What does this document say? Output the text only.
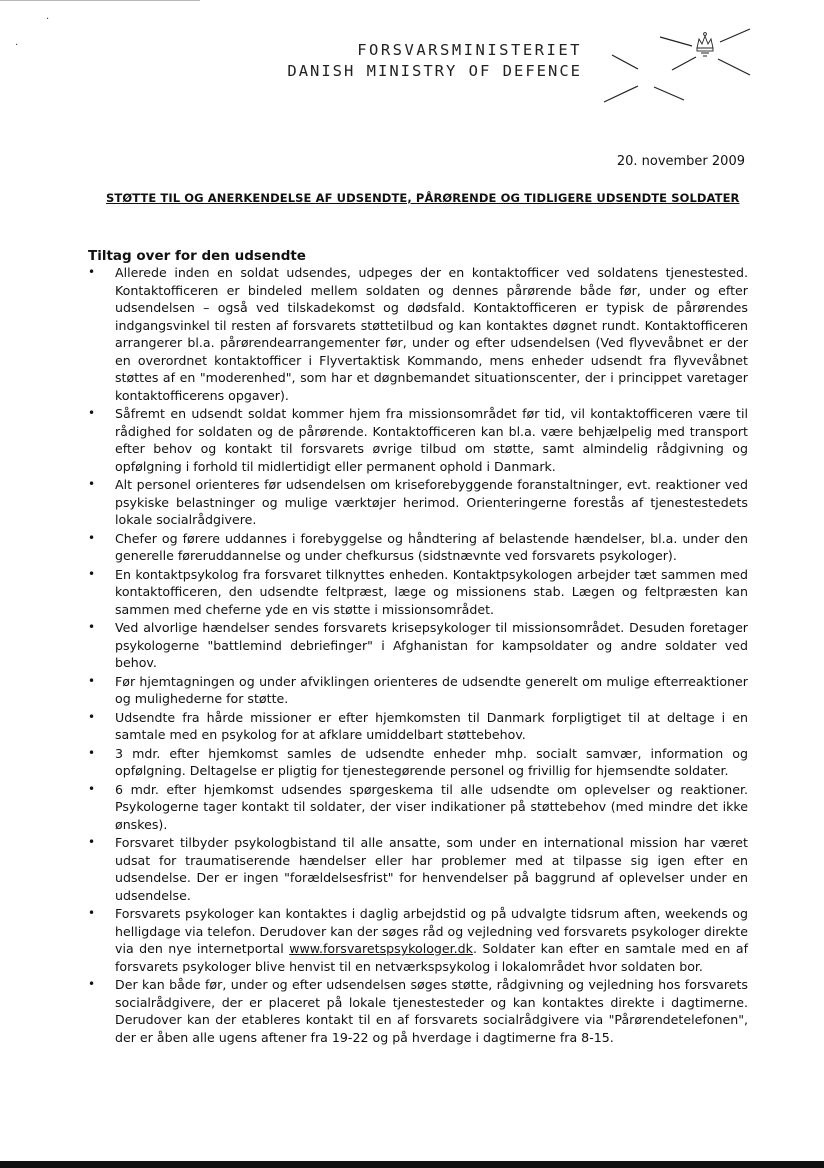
·
·	FORSVARSMINISTERIET
DANISH MINISTRY OF DEFENCE
20. november 2009
STØTTE TIL OG ANERKENDELSE AF UDSENDTE, PÅRØRENDE OG TIDLIGERE UDSENDTE SOLDATER
Tiltag over for den udsendte
• Allerede inden en soldat udsendes, udpeges der en kontaktofficer ved soldatens tjenestested. Kontaktofficeren er bindeled mellem soldaten og dennes pårørende både før, under og efter udsendelsen – også ved tilskadekomst og dødsfald. Kontaktofficeren er typisk de pårørendes indgangsvinkel til resten af forsvarets støttetilbud og kan kontaktes døgnet rundt. Kontaktofficeren arrangerer bl.a. pårørendearrangementer før, under og efter udsendelsen (Ved flyvevåbnet er der en overordnet kontaktofficer i Flyvertaktisk Kommando, mens enheder udsendt fra flyvevåbnet støttes af en "moderenhed", som har et døgnbemandet situationscenter, der i princippet varetager kontaktofficerens opgaver).
• Såfremt en udsendt soldat kommer hjem fra missionsområdet før tid, vil kontaktofficeren være til rådighed for soldaten og de pårørende. Kontaktofficeren kan bl.a. være behjælpelig med transport efter behov og kontakt til forsvarets øvrige tilbud om støtte, samt almindelig rådgivning og opfølgning i forhold til midlertidigt eller permanent ophold i Danmark.
• Alt personel orienteres før udsendelsen om kriseforebyggende foranstaltninger, evt. reaktioner ved psykiske belastninger og mulige værktøjer herimod. Orienteringerne forestås af tjenestestedets lokale socialrådgivere.
• Chefer og førere uddannes i forebyggelse og håndtering af belastende hændelser, bl.a. under den generelle føreruddannelse og under chefkursus (sidstnævnte ved forsvarets psykologer).
• En kontaktpsykolog fra forsvaret tilknyttes enheden. Kontaktpsykologen arbejder tæt sammen med kontaktofficeren, den udsendte feltpræst, læge og missionens stab. Lægen og feltpræsten kan sammen med cheferne yde en vis støtte i missionsområdet.
• Ved alvorlige hændelser sendes forsvarets krisepsykologer til missionsområdet. Desuden foretager psykologerne "battlemind debriefinger" i Afghanistan for kampsoldater og andre soldater ved behov.
• Før hjemtagningen og under afviklingen orienteres de udsendte generelt om mulige efterreaktioner og mulighederne for støtte.
• Udsendte fra hårde missioner er efter hjemkomsten til Danmark forpligtiget til at deltage i en samtale med en psykolog for at afklare umiddelbart støttebehov.
• 3 mdr. efter hjemkomst samles de udsendte enheder mhp. socialt samvær, information og opfølgning. Deltagelse er pligtig for tjenestegørende personel og frivillig for hjemsendte soldater.
• 6 mdr. efter hjemkomst udsendes spørgeskema til alle udsendte om oplevelser og reaktioner. Psykologerne tager kontakt til soldater, der viser indikationer på støttebehov (med mindre det ikke ønskes).
• Forsvaret tilbyder psykologbistand til alle ansatte, som under en international mission har været udsat for traumatiserende hændelser eller har problemer med at tilpasse sig igen efter en udsendelse. Der er ingen "forældelsesfrist" for henvendelser på baggrund af oplevelser under en udsendelse.
• Forsvarets psykologer kan kontaktes i daglig arbejdstid og på udvalgte tidsrum aften, weekends og helligdage via telefon. Derudover kan der søges råd og vejledning ved forsvarets psykologer direkte via den nye internetportal www.forsvaretspsykologer.dk. Soldater kan efter en samtale med en af forsvarets psykologer blive henvist til en netværkspsykolog i lokalområdet hvor soldaten bor.
• Der kan både før, under og efter udsendelsen søges støtte, rådgivning og vejledning hos forsvarets socialrådgivere, der er placeret på lokale tjenestesteder og kan kontaktes direkte i dagtimerne. Derudover kan der etableres kontakt til en af forsvarets socialrådgivere via "Pårørendetelefonen", der er åben alle ugens aftener fra 19-22 og på hverdage i dagtimerne fra 8-15.
